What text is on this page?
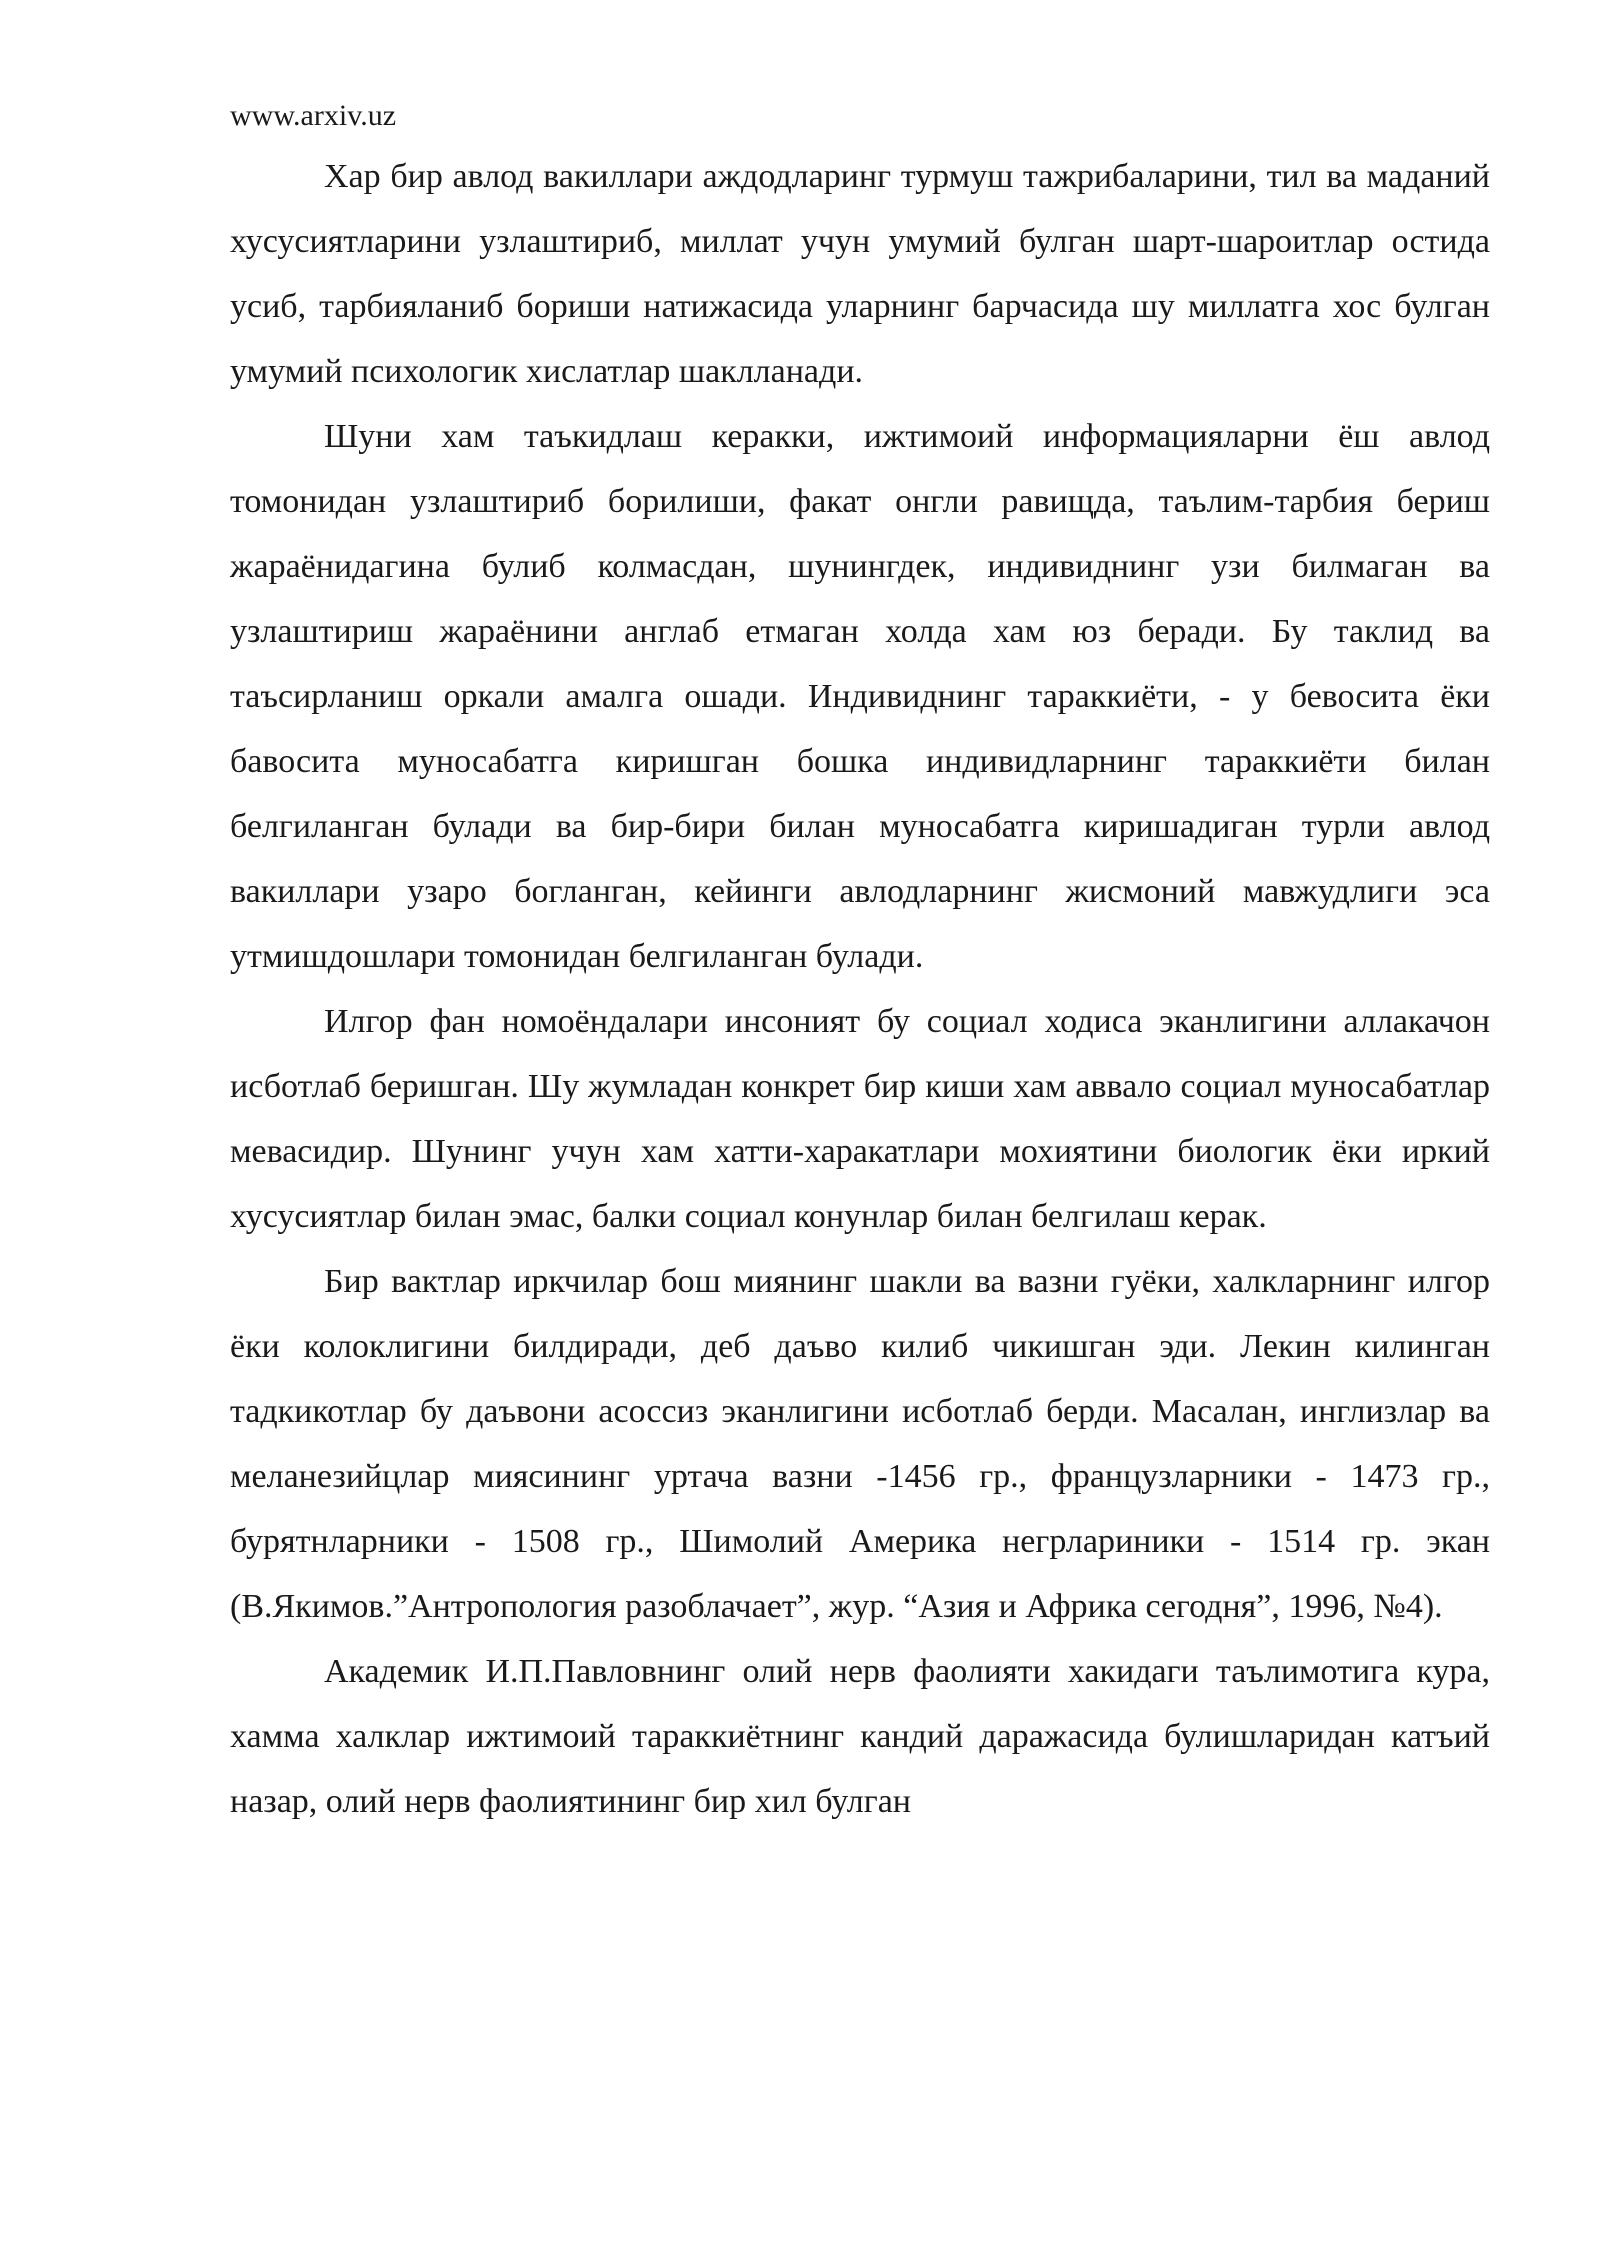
www.arxiv.uz

Хар бир авлод вакиллари аждодларинг турмуш тажрибаларини, тил ва маданий хусусиятларини узлаштириб, миллат учун умумий булган шарт-шароитлар остида усиб, тарбияланиб бориши натижасида уларнинг барчасида шу миллатга хос булган умумий психологик хислатлар шаклланади.

Шуни хам таъкидлаш керакки, ижтимоий информацияларни ёш авлод томонидан узлаштириб борилиши, факат онгли равищда, таълим-тарбия бериш жараёнидагина булиб колмасдан, шунингдек, индивиднинг узи билмаган ва узлаштириш жараёнини англаб етмаган холда хам юз беради. Бу таклид ва таъсирланиш оркали амалга ошади. Индивиднинг тараккиёти, - у бевосита ёки бавосита муносабатга киришган бошка индивидларнинг тараккиёти билан белгиланган булади ва бир-бири билан муносабатга киришадиган турли авлод вакиллари узаро богланган, кейинги авлодларнинг жисмоний мавжудлиги эса утмишдошлари томонидан белгиланган булади.

Илгор фан номоёндалари инсоният бу социал ходиса эканлигини аллакачон исботлаб беришган. Шу жумладан конкрет бир киши хам аввало социал муносабатлар мевасидир. Шунинг учун хам хатти-харакатлари мохиятини биологик ёки иркий хусусиятлар билан эмас, балки социал конунлар билан белгилаш керак.

Бир вактлар иркчилар бош миянинг шакли ва вазни гуёки, халкларнинг илгор ёки колоклигини билдиради, деб даъво килиб чикишган эди. Лекин килинган тадкикотлар бу даъвони асоссиз эканлигини исботлаб берди. Масалан, инглизлар ва меланезийцлар миясининг уртача вазни -1456 гр., французларники - 1473 гр., бурятнларники - 1508 гр., Шимолий Америка негрлариники - 1514 гр. экан (В.Якимов.”Антропология разоблачает”, жур. “Азия и Африка сегодня”, 1996, №4).

Академик И.П.Павловнинг олий нерв фаолияти хакидаги таълимотига кура, хамма халклар ижтимоий тараккиётнинг кандий даражасида булишларидан катъий назар, олий нерв фаолиятининг бир хил булган
